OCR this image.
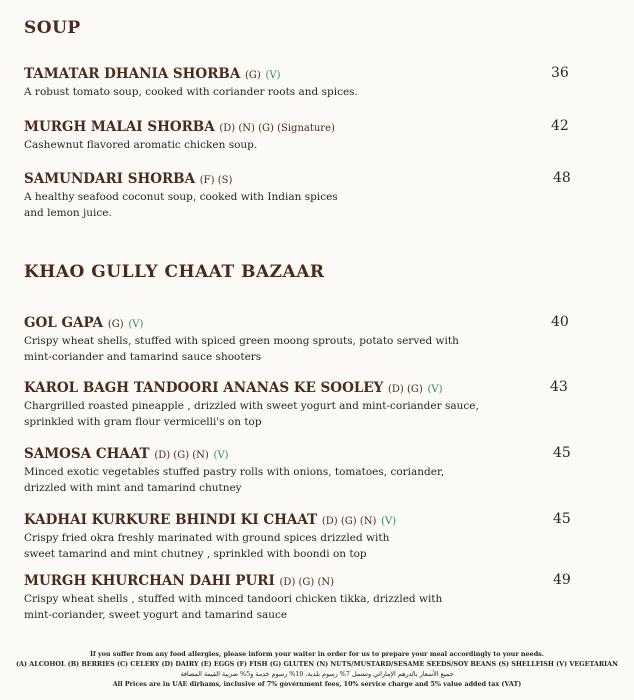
SOUP
TAMATAR DHANIA SHORBA (G) (V)
A robust tomato soup, cooked with coriander roots and spices.
36
MURGH MALAI SHORBA (D) (N) (G) (Signature)
Cashewnut flavored aromatic chicken soup.
42
SAMUNDARI SHORBA (F) (S)
A healthy seafood coconut soup, cooked with Indian spices
and lemon juice.
48
KHAO GULLY CHAAT BAZAAR
GOL GAPA (G) (V)
Crispy wheat shells, stuffed with spiced green moong sprouts, potato served with
mint-coriander and tamarind sauce shooters
40
KAROL BAGH TANDOORI ANANAS KE SOOLEY (D) (G) (V)
Chargrilled roasted pineapple , drizzled with sweet yogurt and mint-coriander sauce,
sprinkled with gram flour vermicelli's on top
43
SAMOSA CHAAT (D) (G) (N) (V)
Minced exotic vegetables stuffed pastry rolls with onions, tomatoes, coriander,
drizzled with mint and tamarind chutney
45
KADHAI KURKURE BHINDI KI CHAAT (D) (G) (N) (V)
Crispy fried okra freshly marinated with ground spices drizzled with
sweet tamarind and mint chutney , sprinkled with boondi on top
45
MURGH KHURCHAN DAHI PURI (D) (G) (N)
Crispy wheat shells , stuffed with minced tandoori chicken tikka, drizzled with
mint-coriander, sweet yogurt and tamarind sauce
49
If you suffer from any food allergies, please inform your waiter in order for us to prepare your meal accordingly to your needs.
(A) ALCOHOL (B) BERRIES (C) CELERY (D) DAIRY (E) EGGS (F) FISH (G) GLUTEN (N) NUTS/MUSTARD/SESAME SEEDS/SOY BEANS (S) SHELLFISH (V) VEGETARIAN
جميع الأسعار بالدرهم الإماراتي وتشمل 7% رسوم بلدية، 10% رسوم خدمة و5% ضريبة القيمة المضافة
All Prices are in UAE dirhams, inclusive of 7% government fees, 10% service charge and 5% value added tax (VAT)
